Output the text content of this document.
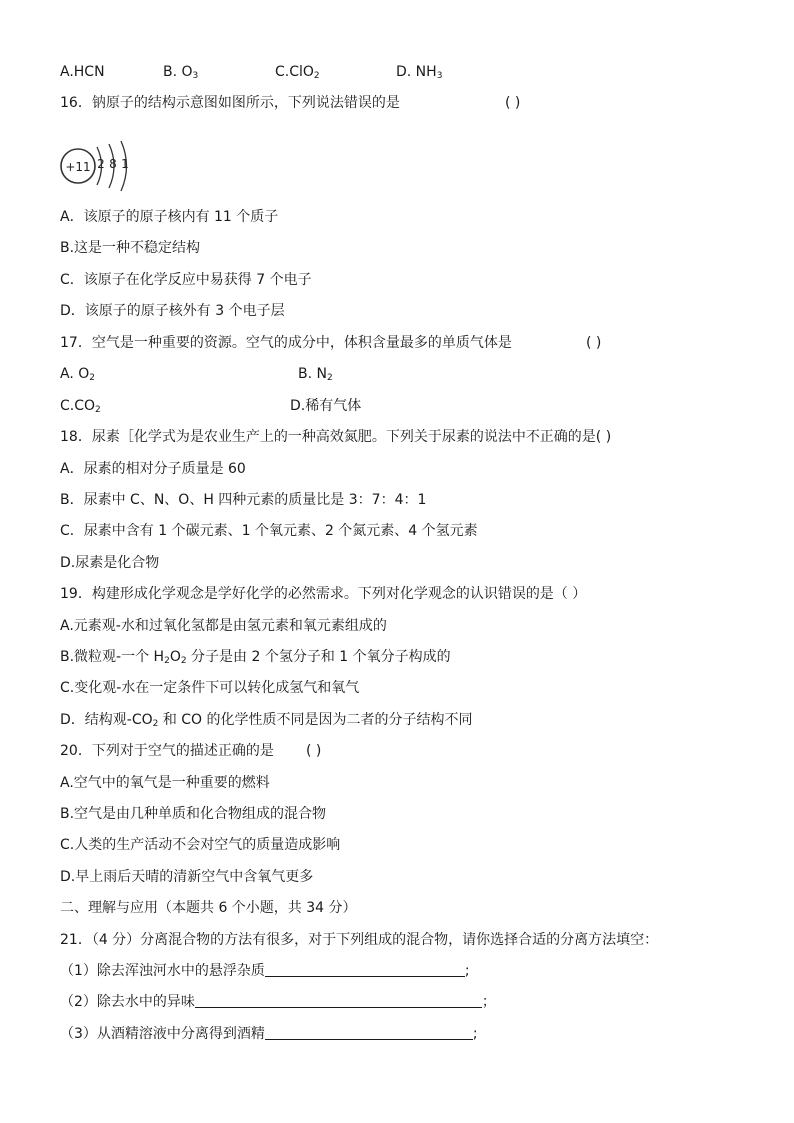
A.HCN	B. $O_3$	C.ClO$_2$	D. $NH_3$
16．钠原子的结构示意图如图所示，下列说法错误的是	( )
+11 2 8 1
A．该原子的原子核内有 11 个质子
B.这是一种不稳定结构
C．该原子在化学反应中易获得 7 个电子
D．该原子的原子核外有 3 个电子层
17．空气是一种重要的资源。空气的成分中，体积含量最多的单质气体是	( )
A. $O_2$	B. $N_2$
$C.CO_2$	D.稀有气体
18．尿素［化学式为是农业生产上的一种高效氮肥。下列关于尿素的说法中不正确的是( )
A．尿素的相对分子质量是 60
B．尿素中 C、N、O、H 四种元素的质量比是 3：7：4：1
C．尿素中含有 1 个碳元素、1 个氧元素、2 个氮元素、4 个氢元素
D.尿素是化合物
19．构建形成化学观念是学好化学的必然需求。下列对化学观念的认识错误的是（ ）
A.元素观-水和过氧化氢都是由氢元素和氧元素组成的
B.微粒观-一个 $H_2O_2$ 分子是由 2 个氢分子和 1 个氧分子构成的
C.变化观-水在一定条件下可以转化成氢气和氧气
D．结构观$-CO_2$ 和 CO 的化学性质不同是因为二者的分子结构不同
20．下列对于空气的描述正确的是 ( )
A.空气中的氧气是一种重要的燃料
B.空气是由几种单质和化合物组成的混合物
C.人类的生产活动不会对空气的质量造成影响
D.早上雨后天晴的清新空气中含氧气更多
二、理解与应用（本题共 6 个小题，共 34 分）
21．（4 分）分离混合物的方法有很多，对于下列组成的混合物，请你选择合适的分离方法填空：
（1）除去浑浊河水中的悬浮杂质	;
（2）除去水中的异味	；
（3）从酒精溶液中分离得到酒精	;
